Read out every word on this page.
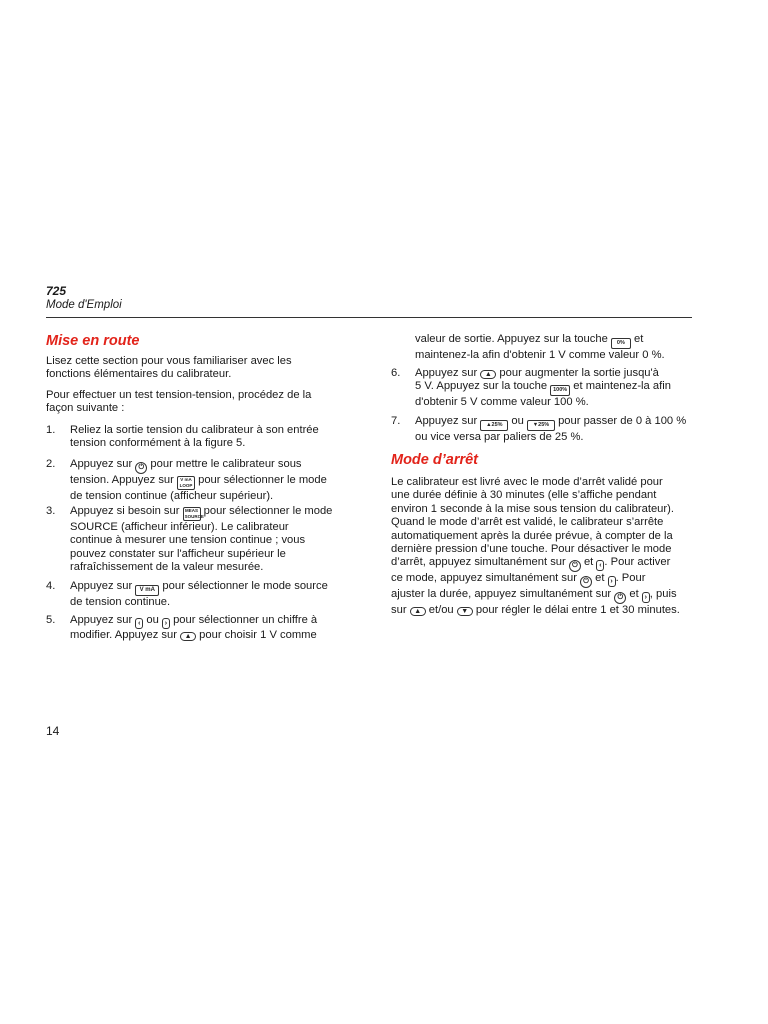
725
Mode d'Emploi
Mise en route

Lisez cette section pour vous familiariser avec les fonctions élémentaires du calibrateur.

Pour effectuer un test tension-tension, procédez de la façon suivante :

1. Reliez la sortie tension du calibrateur à son entrée
tension conformément à la figure 5.
2. Appuyez sur ⏻ pour mettre le calibrateur sous
tension. Appuyez sur V mA
LOOP pour sélectionner le mode
de tension continue (afficheur supérieur).
3. Appuyez si besoin sur MEAS
SOURCE pour sélectionner le mode
SOURCE (afficheur inférieur). Le calibrateur
continue à mesurer une tension continue ; vous
pouvez constater sur l'afficheur supérieur le
rafraîchissement de la valeur mesurée.
4. Appuyez sur V mA pour sélectionner le mode source
de tension continue.
5. Appuyez sur ‹ ou › pour sélectionner un chiffre à
modifier. Appuyez sur ▲ pour choisir 1 V comme
valeur de sortie. Appuyez sur la touche 0% et
maintenez-la afin d'obtenir 1 V comme valeur 0 %.
6. Appuyez sur ▲ pour augmenter la sortie jusqu'à
5 V. Appuyez sur la touche 100% et maintenez-la afin
d'obtenir 5 V comme valeur 100 %.
7. Appuyez sur ▲25% ou ▼25% pour passer de 0 à 100 %
ou vice versa par paliers de 25 %.
Mode d’arrêt
Le calibrateur est livré avec le mode d’arrêt validé pour
une durée définie à 30 minutes (elle s’affiche pendant
environ 1 seconde à la mise sous tension du calibrateur).
Quand le mode d’arrêt est validé, le calibrateur s’arrête
automatiquement après la durée prévue, à compter de la
dernière pression d’une touche. Pour désactiver le mode
d’arrêt, appuyez simultanément sur ⏻ et ‹ . Pour activer
ce mode, appuyez simultanément sur ⏻ et › . Pour
ajuster la durée, appuyez simultanément sur ⏻ et › , puis
sur ▲ et/ou ▼ pour régler le délai entre 1 et 30 minutes.
14
